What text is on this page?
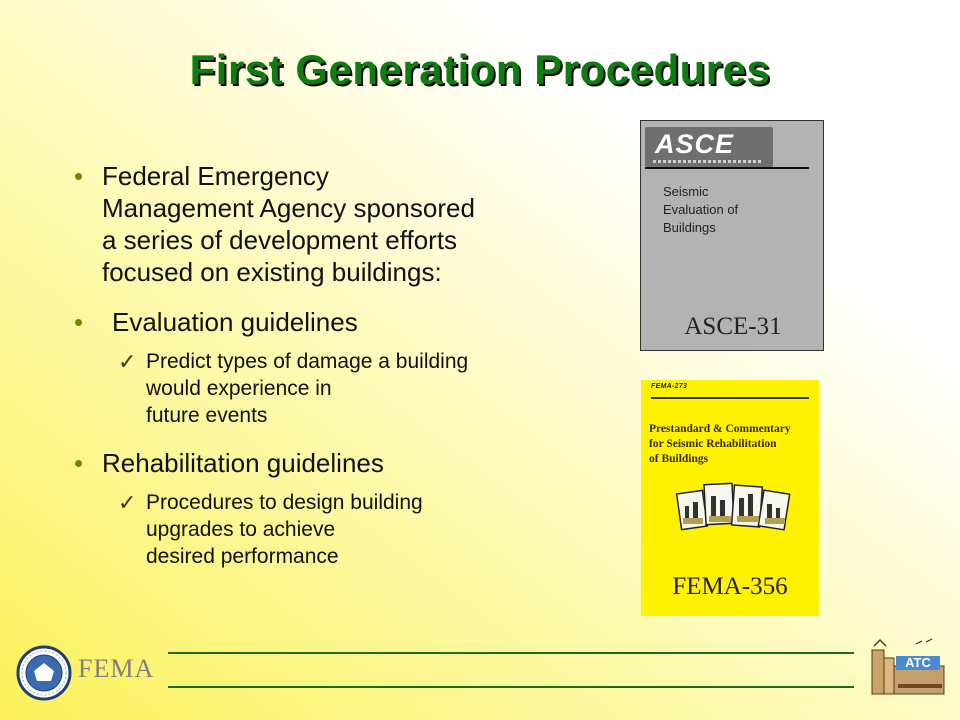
First Generation Procedures
• Federal Emergency
Management Agency sponsored
a series of development efforts
focused on existing buildings:
• Evaluation guidelines
✓ Predict types of damage a building
would experience in
future events
• Rehabilitation guidelines
✓ Procedures to design building
upgrades to achieve
desired performance
ASCE
Seismic
Evaluation of
Buildings
ASCE-31
FEMA-273
Prestandard & Commentary
for Seismic Rehabilitation
of Buildings
FEMA-356
FEMA	ATC
